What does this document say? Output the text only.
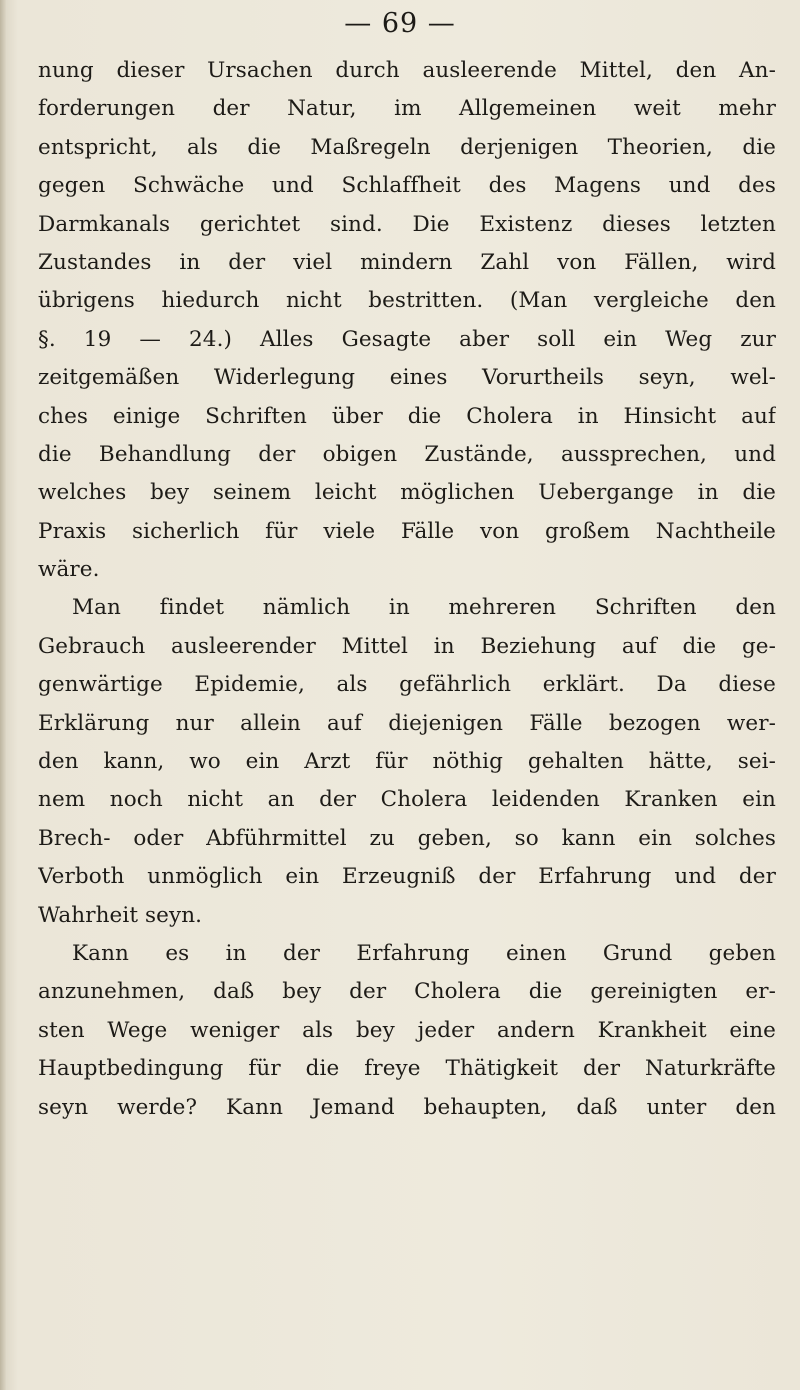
— 69 —
nung dieser Ursachen durch ausleerende Mittel, den An-
forderungen der Natur, im Allgemeinen weit mehr
entspricht, als die Maßregeln derjenigen Theorien, die
gegen Schwäche und Schlaffheit des Magens und des
Darmkanals gerichtet sind. Die Existenz dieses letzten
Zustandes in der viel mindern Zahl von Fällen, wird
übrigens hiedurch nicht bestritten. (Man vergleiche den
§. 19 — 24.) Alles Gesagte aber soll ein Weg zur
zeitgemäßen Widerlegung eines Vorurtheils seyn, wel-
ches einige Schriften über die Cholera in Hinsicht auf
die Behandlung der obigen Zustände, aussprechen, und
welches bey seinem leicht möglichen Uebergange in die
Praxis sicherlich für viele Fälle von großem Nachtheile
wäre.
Man findet nämlich in mehreren Schriften den
Gebrauch ausleerender Mittel in Beziehung auf die ge-
genwärtige Epidemie, als gefährlich erklärt. Da diese
Erklärung nur allein auf diejenigen Fälle bezogen wer-
den kann, wo ein Arzt für nöthig gehalten hätte, sei-
nem noch nicht an der Cholera leidenden Kranken ein
Brech- oder Abführmittel zu geben, so kann ein solches
Verboth unmöglich ein Erzeugniß der Erfahrung und der
Wahrheit seyn.
Kann es in der Erfahrung einen Grund geben
anzunehmen, daß bey der Cholera die gereinigten er-
sten Wege weniger als bey jeder andern Krankheit eine
Hauptbedingung für die freye Thätigkeit der Naturkräfte
seyn werde? Kann Jemand behaupten, daß unter den
